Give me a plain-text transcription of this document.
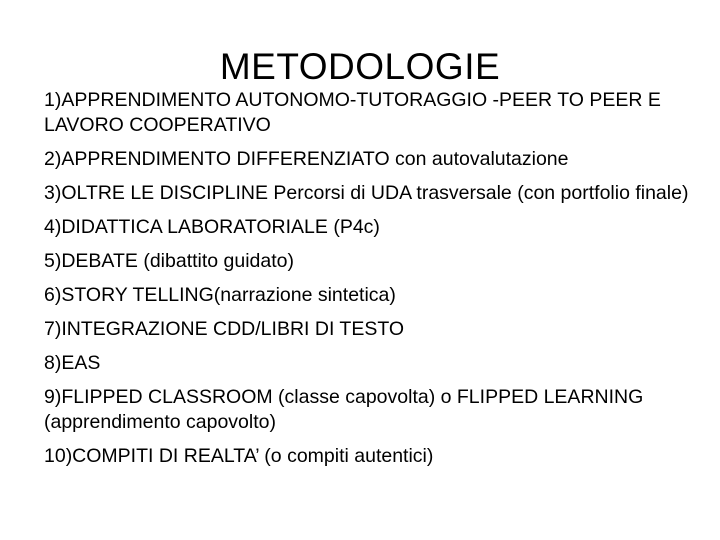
METODOLOGIE
1)APPRENDIMENTO AUTONOMO-TUTORAGGIO -PEER TO PEER E LAVORO COOPERATIVO
2)APPRENDIMENTO DIFFERENZIATO con autovalutazione
3)OLTRE LE DISCIPLINE Percorsi di UDA trasversale (con portfolio finale)
4)DIDATTICA LABORATORIALE (P4c)
5)DEBATE (dibattito guidato)
6)STORY TELLING(narrazione sintetica)
7)INTEGRAZIONE CDD/LIBRI DI TESTO
8)EAS
9)FLIPPED CLASSROOM (classe capovolta) o FLIPPED LEARNING (apprendimento capovolto)
10)COMPITI DI REALTA’ (o compiti autentici)
